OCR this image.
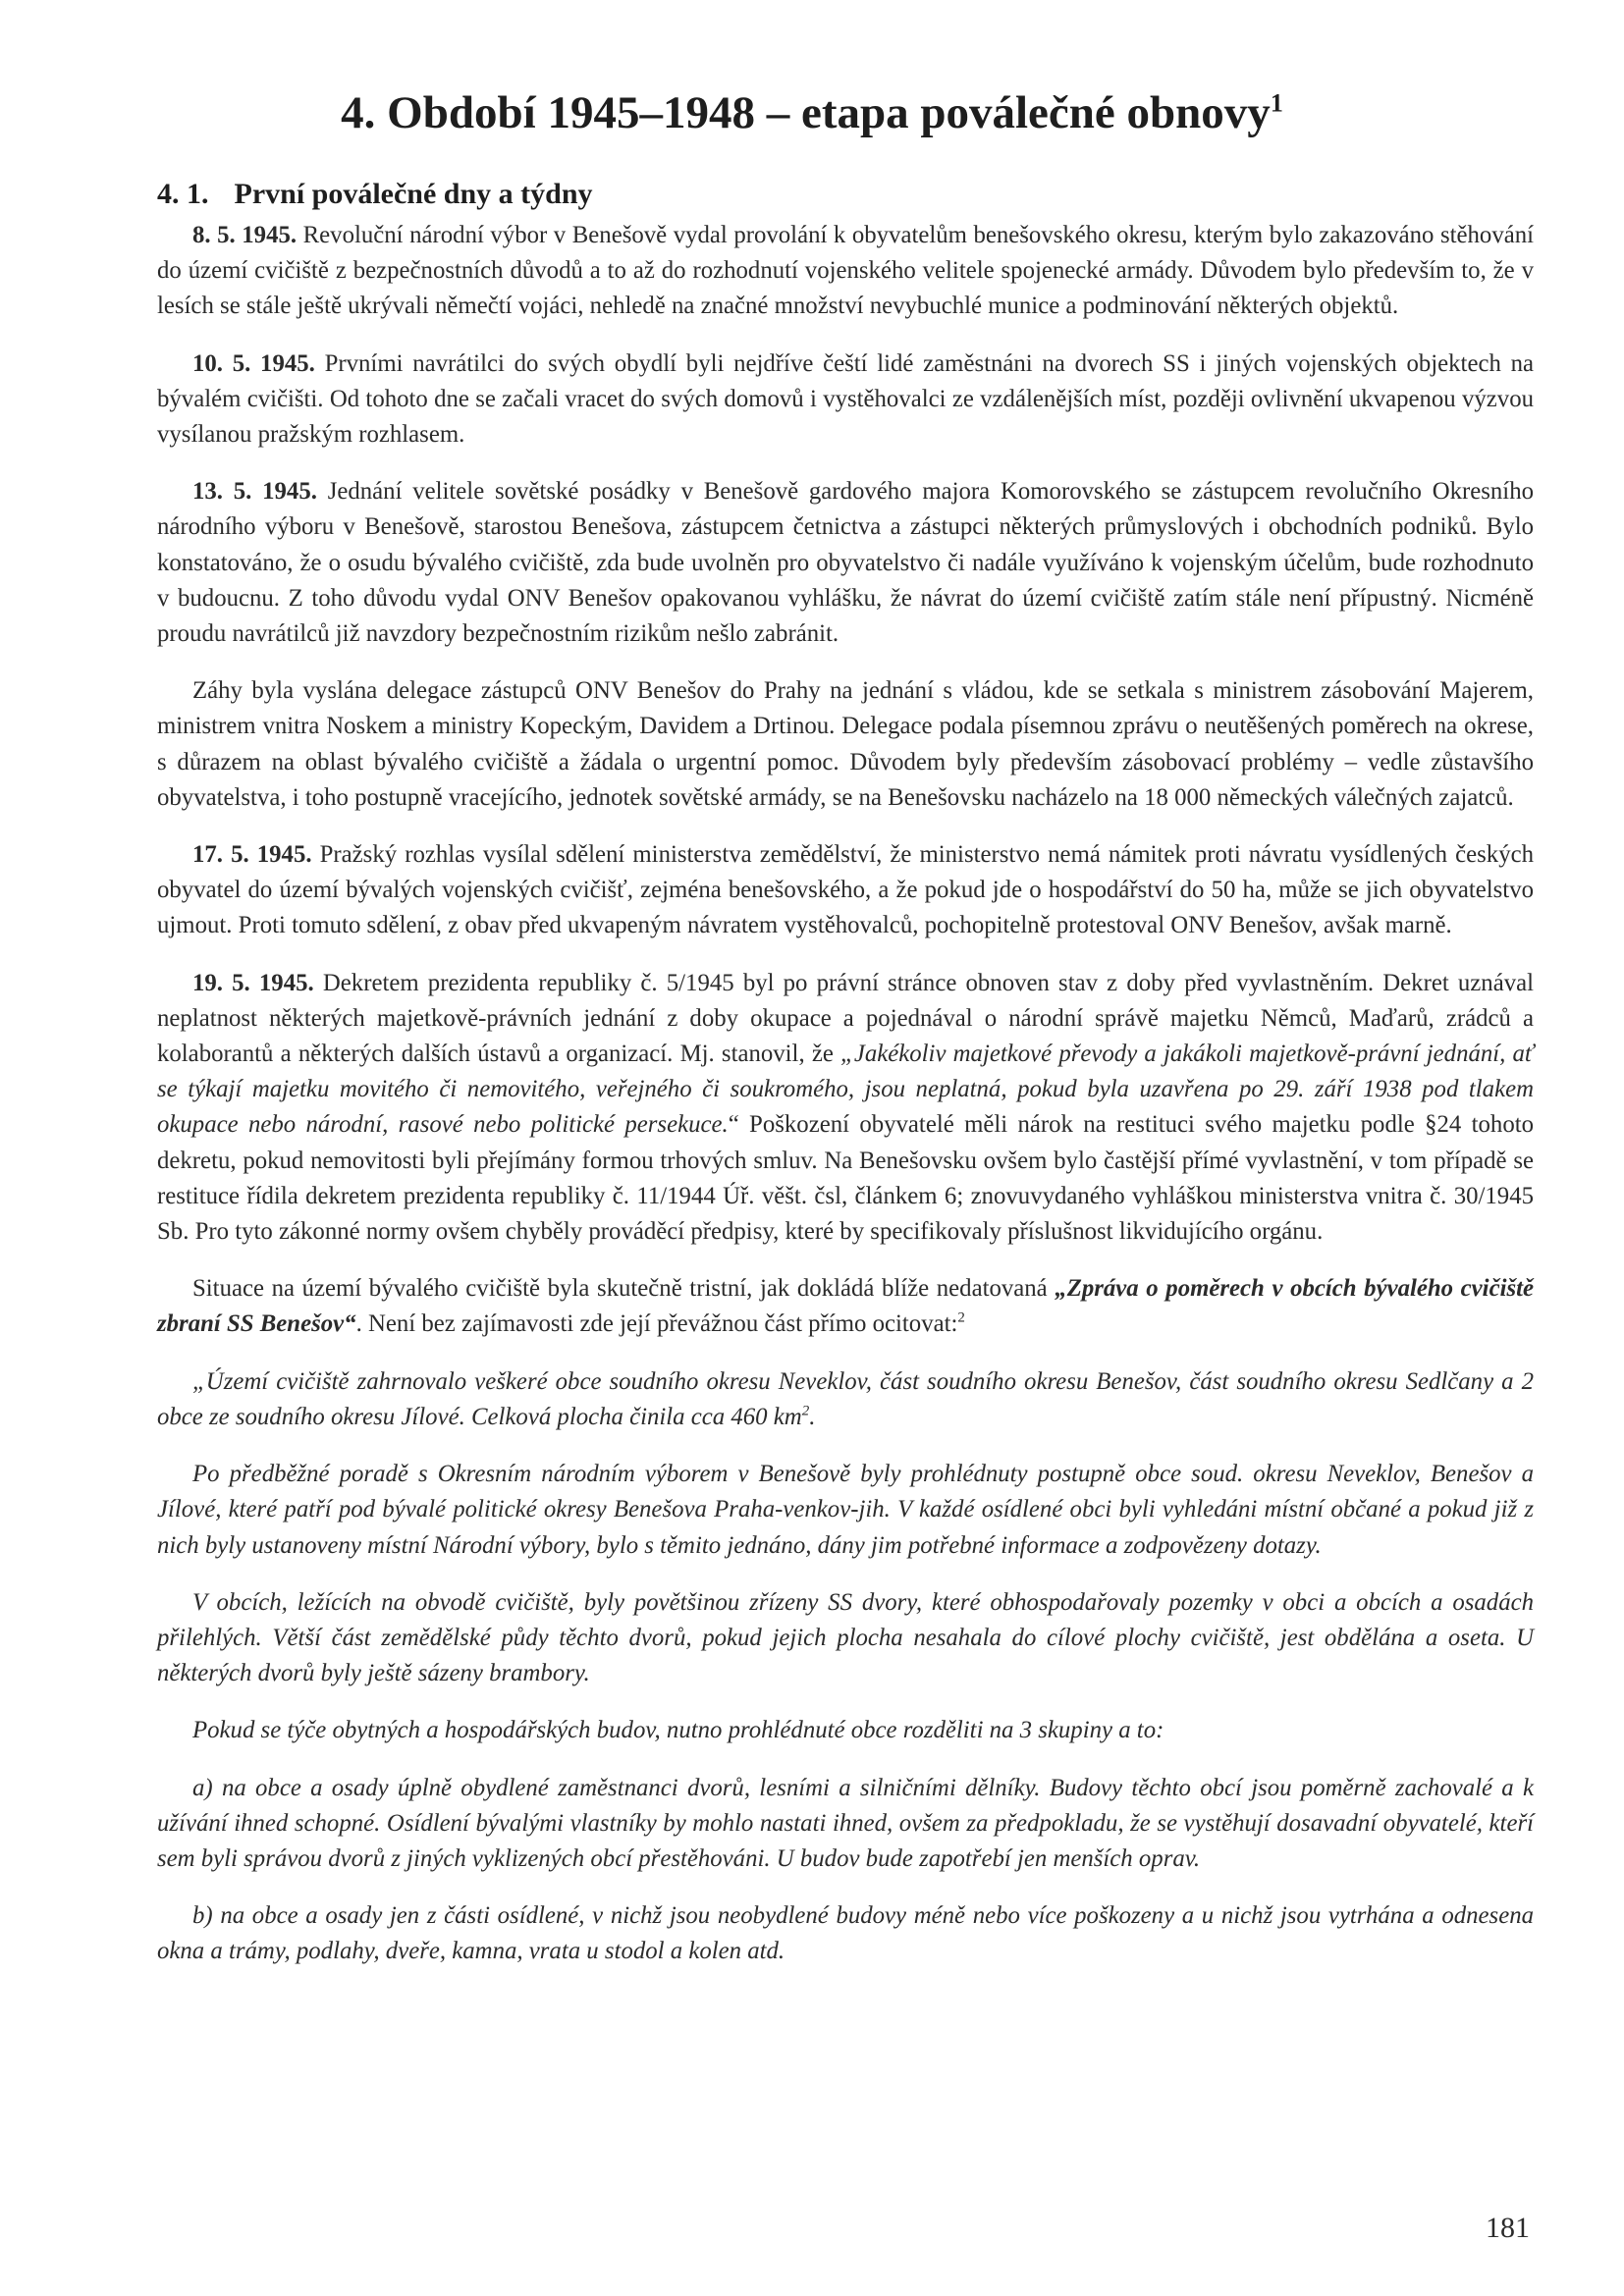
4. Období 1945–1948 – etapa poválečné obnovy$^1$
4. 1. První poválečné dny a týdny

8. 5. 1945. Revoluční národní výbor v Benešově vydal provolání k obyvatelům benešovského okresu, kterým bylo zakazováno stěhování do území cvičiště z bezpečnostních důvodů a to až do rozhodnutí vojenského velitele spojenecké armády. Důvodem bylo především to, že v lesích se stále ještě ukrývali němečtí vojáci, nehledě na značné množství nevybuchlé munice a podminování některých objektů.

10. 5. 1945. Prvními navrátilci do svých obydlí byli nejdříve čeští lidé zaměstnáni na dvorech SS i jiných vojenských objektech na bývalém cvičišti. Od tohoto dne se začali vracet do svých domovů i vystěhovalci ze vzdálenějších míst, později ovlivnění ukvapenou výzvou vysílanou pražským rozhlasem.

13. 5. 1945. Jednání velitele sovětské posádky v Benešově gardového majora Komorovského se zástupcem revolučního Okresního národního výboru v Benešově, starostou Benešova, zástupcem četnictva a zástupci některých průmyslových i obchodních podniků. Bylo konstatováno, že o osudu bývalého cvičiště, zda bude uvolněn pro obyvatelstvo či nadále využíváno k vojenským účelům, bude rozhodnuto v budoucnu. Z toho důvodu vydal ONV Benešov opakovanou vyhlášku, že návrat do území cvičiště zatím stále není přípustný. Nicméně proudu navrátilců již navzdory bezpečnostním rizikům nešlo zabránit.

Záhy byla vyslána delegace zástupců ONV Benešov do Prahy na jednání s vládou, kde se setkala s ministrem zásobování Majerem, ministrem vnitra Noskem a ministry Kopeckým, Davidem a Drtinou. Delegace podala písemnou zprávu o neutěšených poměrech na okrese, s důrazem na oblast bývalého cvičiště a žádala o urgentní pomoc. Důvodem byly především zásobovací problémy – vedle zůstavšího obyvatelstva, i toho postupně vracejícího, jednotek sovětské armády, se na Benešovsku nacházelo na 18 000 německých válečných zajatců.

17. 5. 1945. Pražský rozhlas vysílal sdělení ministerstva zemědělství, že ministerstvo nemá námitek proti návratu vysídlených českých obyvatel do území bývalých vojenských cvičišť, zejména benešovského, a že pokud jde o hospodářství do 50 ha, může se jich obyvatelstvo ujmout. Proti tomuto sdělení, z obav před ukvapeným návratem vystěhovalců, pochopitelně protestoval ONV Benešov, avšak marně.

19. 5. 1945. Dekretem prezidenta republiky č. 5/1945 byl po právní stránce obnoven stav z doby před vyvlastněním. Dekret uznával neplatnost některých majetkově-právních jednání z doby okupace a pojednával o národní správě majetku Němců, Maďarů, zrádců a kolaborantů a některých dalších ústavů a organizací. Mj. stanovil, že „Jakékoliv majetkové převody a jakákoli majetkově-právní jednání, ať se týkají majetku movitého či nemovitého, veřejného či soukromého, jsou neplatná, pokud byla uzavřena po 29. září 1938 pod tlakem okupace nebo národní, rasové nebo politické persekuce.“ Poškození obyvatelé měli nárok na restituci svého majetku podle §24 tohoto dekretu, pokud nemovitosti byli přejímány formou trhových smluv. Na Benešovsku ovšem bylo častější přímé vyvlastnění, v tom případě se restituce řídila dekretem prezidenta republiky č. 11/1944 Úř. věšt. čsl, článkem 6; znovuvydaného vyhláškou ministerstva vnitra č. 30/1945 Sb. Pro tyto zákonné normy ovšem chyběly prováděcí předpisy, které by specifikovaly příslušnost likvidujícího orgánu.

Situace na území bývalého cvičiště byla skutečně tristní, jak dokládá blíže nedatovaná „Zpráva o poměrech v obcích bývalého cvičiště zbraní SS Benešov“. Není bez zajímavosti zde její převážnou část přímo ocitovat:$^2$

„Území cvičiště zahrnovalo veškeré obce soudního okresu Neveklov, část soudního okresu Benešov, část soudního okresu Sedlčany a 2 obce ze soudního okresu Jílové. Celková plocha činila cca 460 $km^2$.

Po předběžné poradě s Okresním národním výborem v Benešově byly prohlédnuty postupně obce soud. okresu Neveklov, Benešov a Jílové, které patří pod bývalé politické okresy Benešova Praha-venkov-jih. V každé osídlené obci byli vyhledáni místní občané a pokud již z nich byly ustanoveny místní Národní výbory, bylo s těmito jednáno, dány jim potřebné informace a zodpovězeny dotazy.

V obcích, ležících na obvodě cvičiště, byly povětšinou zřízeny SS dvory, které obhospodařovaly pozemky v obci a obcích a osadách přilehlých. Větší část zemědělské půdy těchto dvorů, pokud jejich plocha nesahala do cílové plochy cvičiště, jest obdělána a oseta. U některých dvorů byly ještě sázeny brambory.

Pokud se týče obytných a hospodářských budov, nutno prohlédnuté obce rozděliti na 3 skupiny a to:

a) na obce a osady úplně obydlené zaměstnanci dvorů, lesními a silničními dělníky. Budovy těchto obcí jsou poměrně zachovalé a k užívání ihned schopné. Osídlení bývalými vlastníky by mohlo nastati ihned, ovšem za předpokladu, že se vystěhují dosavadní obyvatelé, kteří sem byli správou dvorů z jiných vyklizených obcí přestěhováni. U budov bude zapotřebí jen menších oprav.

b) na obce a osady jen z části osídlené, v nichž jsou neobydlené budovy méně nebo více poškozeny a u nichž jsou vytrhána a odnesena okna a trámy, podlahy, dveře, kamna, vrata u stodol a kolen atd.

181
